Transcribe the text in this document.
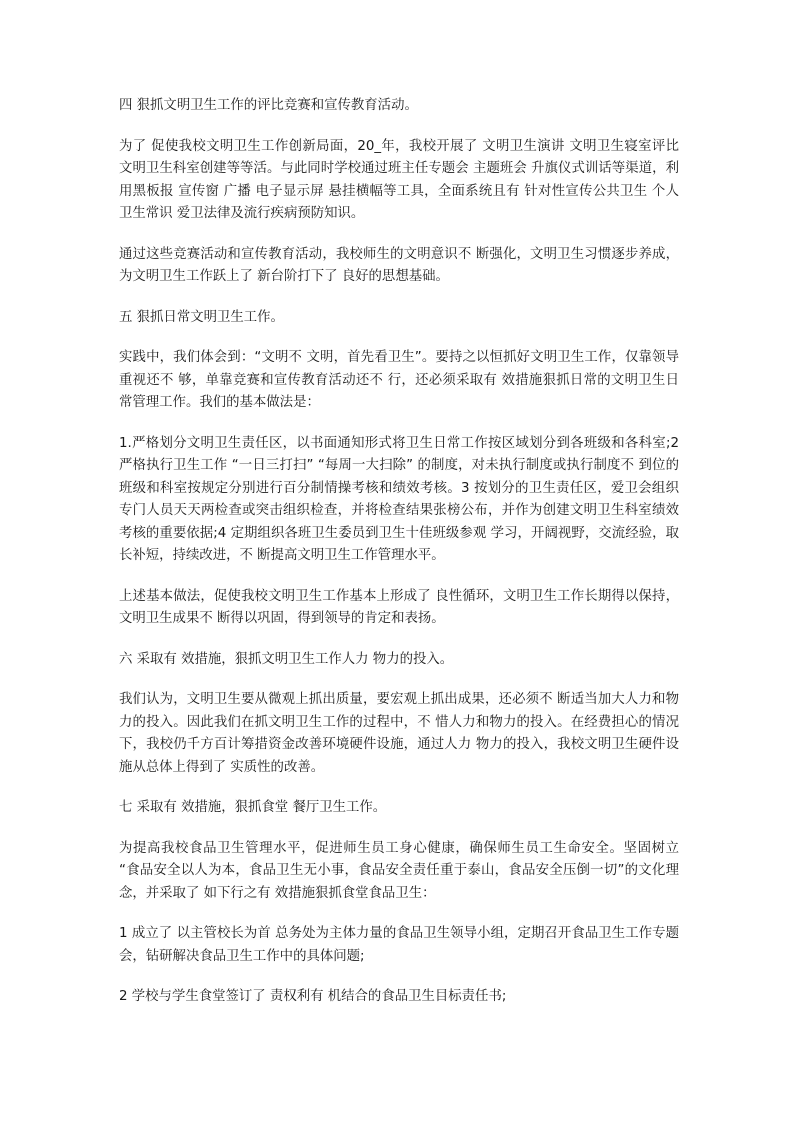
四 狠抓文明卫生工作的评比竞赛和宣传教育活动。

为了 促使我校文明卫生工作创新局面，20_年，我校开展了 文明卫生演讲 文明卫生寝室评比 文明卫生科室创建等等活。与此同时学校通过班主任专题会 主题班会 升旗仪式训话等渠道，利用黑板报 宣传窗 广播 电子显示屏 悬挂横幅等工具，全面系统且有 针对性宣传公共卫生 个人卫生常识 爱卫法律及流行疾病预防知识。

通过这些竞赛活动和宣传教育活动，我校师生的文明意识不 断强化，文明卫生习惯逐步养成，为文明卫生工作跃上了 新台阶打下了 良好的思想基础。

五 狠抓日常文明卫生工作。

实践中，我们体会到：“文明不 文明，首先看卫生”。要持之以恒抓好文明卫生工作，仅靠领导重视还不 够，单靠竞赛和宣传教育活动还不 行，还必须采取有 效措施狠抓日常的文明卫生日常管理工作。我们的基本做法是：

1.严格划分文明卫生责任区，以书面通知形式将卫生日常工作按区域划分到各班级和各科室;2 严格执行卫生工作 “一日三打扫” “每周一大扫除” 的制度，对未执行制度或执行制度不 到位的班级和科室按规定分别进行百分制情操考核和绩效考核。3 按划分的卫生责任区，爱卫会组织专门人员天天两检查或突击组织检查，并将检查结果张榜公布，并作为创建文明卫生科室绩效考核的重要依据;4 定期组织各班卫生委员到卫生十佳班级参观 学习，开阔视野，交流经验，取长补短，持续改进，不 断提高文明卫生工作管理水平。

上述基本做法，促使我校文明卫生工作基本上形成了 良性循环，文明卫生工作长期得以保持，文明卫生成果不 断得以巩固，得到领导的肯定和表扬。

六 采取有 效措施，狠抓文明卫生工作人力 物力的投入。

我们认为，文明卫生要从微观上抓出质量，要宏观上抓出成果，还必须不 断适当加大人力和物力的投入。因此我们在抓文明卫生工作的过程中，不 惜人力和物力的投入。在经费担心的情况下，我校仍千方百计筹措资金改善环境硬件设施，通过人力 物力的投入，我校文明卫生硬件设施从总体上得到了 实质性的改善。

七 采取有 效措施，狠抓食堂 餐厅卫生工作。

为提高我校食品卫生管理水平，促进师生员工身心健康，确保师生员工生命安全。坚固树立 “食品安全以人为本，食品卫生无小事，食品安全责任重于泰山，食品安全压倒一切”的文化理念，并采取了 如下行之有 效措施狠抓食堂食品卫生：

1 成立了 以主管校长为首 总务处为主体力量的食品卫生领导小组，定期召开食品卫生工作专题会，钻研解决食品卫生工作中的具体问题;

2 学校与学生食堂签订了 责权利有 机结合的食品卫生目标责任书;
